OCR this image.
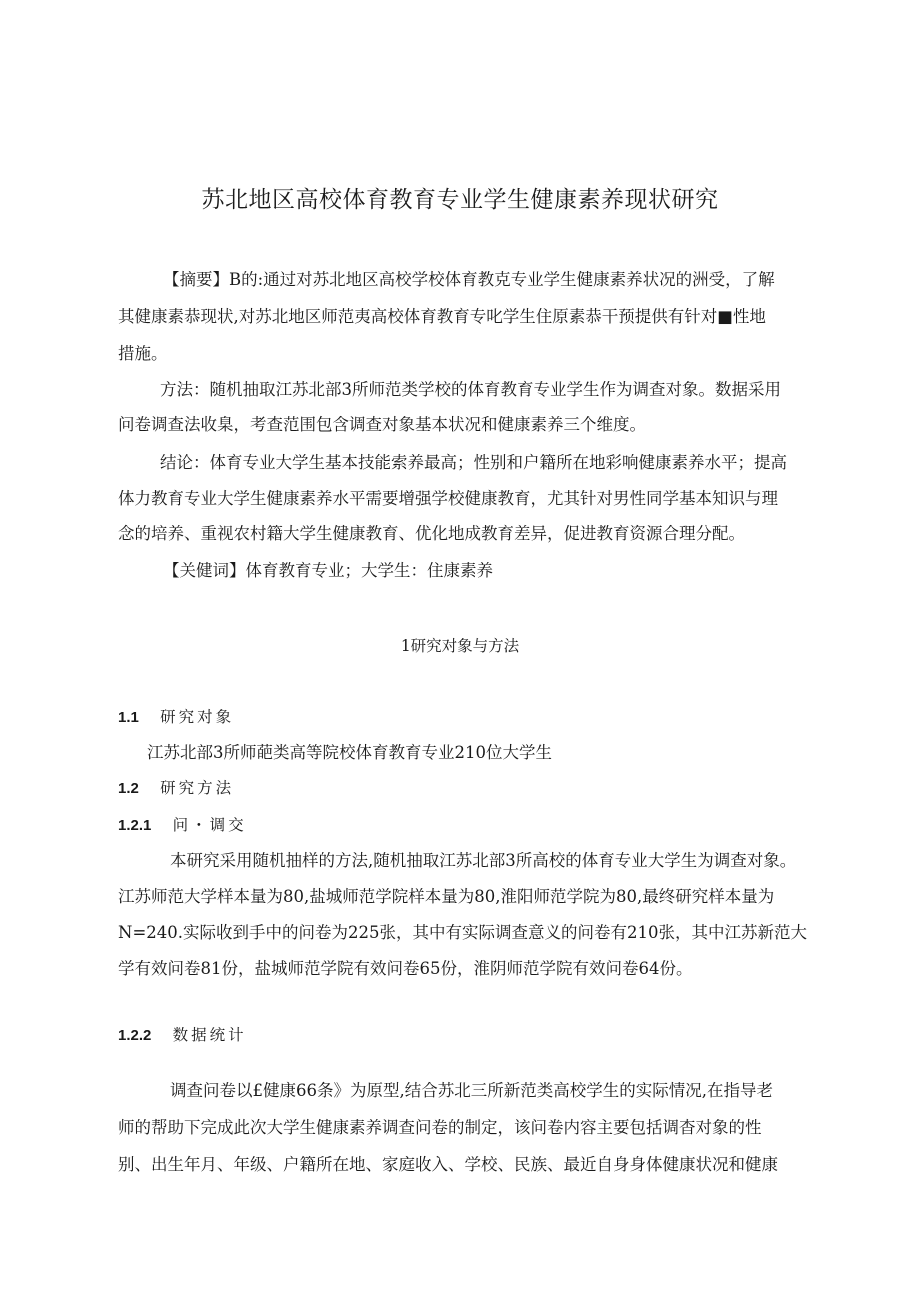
苏北地区高校体育教育专业学生健康素养现状研究
【摘要】B的:通过对苏北地区高校学校体育教克专业学生健康素养状况的洲受，了解
其健康素恭现状,对苏北地区师范夷高校体育教育专叱学生住原素恭干预提供有针对■性地
措施。
方法：随机抽取江苏北部3所师范类学校的体育教育专业学生作为调查对象。数据采用
问卷调查法收臬，考查范围包含调查对象基本状况和健康素养三个维度。
结论：体育专业大学生基本技能索养最高；性别和户籍所在地彩响健康素养水平；提高
体力教育专业大学生健康素养水平需要增强学校健康教育，尤其针对男性同学基本知识与理
念的培养、重视农村籍大学生健康教育、优化地成教育差异，促进教育资源合理分配。
【关健词】体育教育专业；大学生：住康素养
1研究对象与方法
1.1 研究对象
江苏北部3所师葩类高等院校体育教育专业210位大学生
1.2 研究方法
1.2.1 问・调交
本研究采用随机抽样的方法,随机抽取江苏北部3所高校的体育专业大学生为调查对象。
江苏师范大学样本量为80,盐城师范学院样本量为80,淮阳师范学院为80,最终研究样本量为
N=240.实际收到手中的问卷为225张，其中有实际调查意义的问卷有210张，其中江苏新范大
学有效问卷81份，盐城师范学院有效问卷65份，淮阴师范学院有效问卷64份。
1.2.2 数据统计
调查问卷以£健康66条》为原型,结合苏北三所新范类高校学生的实际情况,在指导老
师的帮助下完成此次大学生健康素养调查问卷的制定，该问卷内容主要包括调杳对象的性
别、出生年月、年级、户籍所在地、家庭收入、学校、民族、最近自身身体健康状况和健康
